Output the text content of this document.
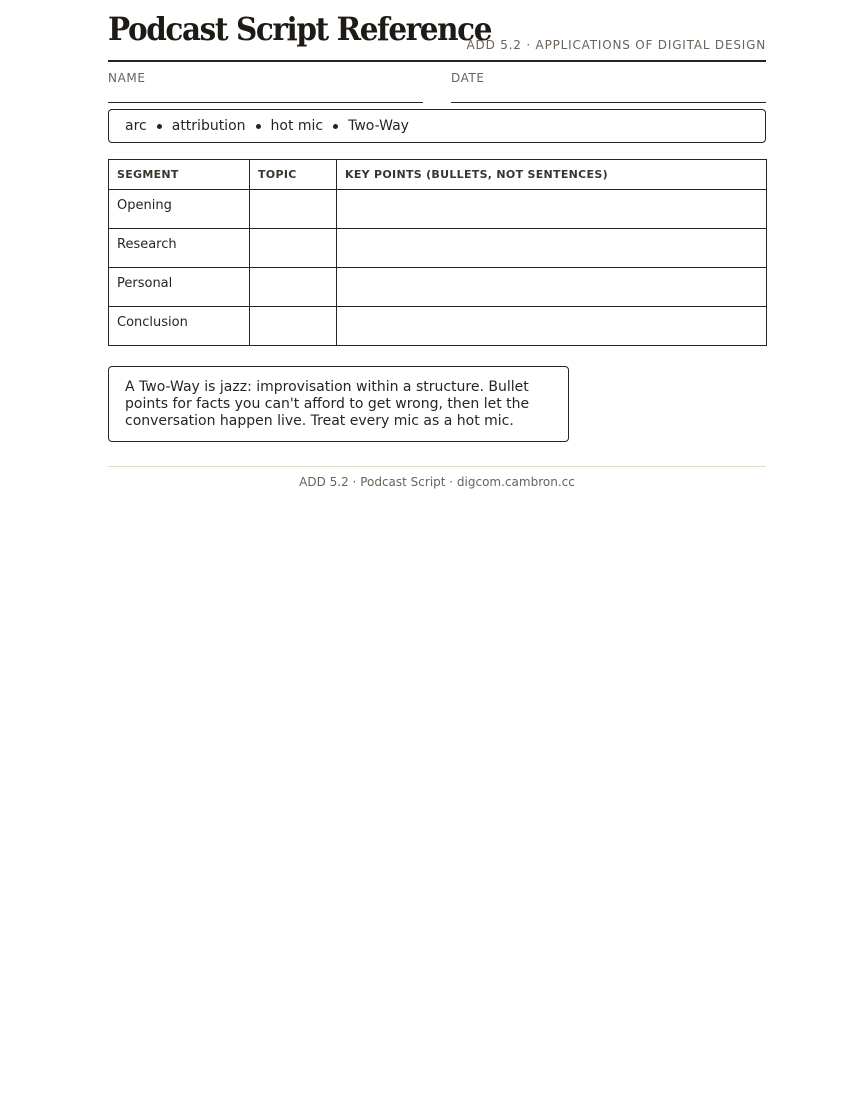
Podcast Script Reference
ADD 5.2 · APPLICATIONS OF DIGITAL DESIGN
NAME	DATE
arc attribution hot mic Two-Way
SEGMENT	TOPIC	KEY POINTS (BULLETS, NOT SENTENCES)
Opening		
Research		
Personal		
Conclusion		
A Two-Way is jazz: improvisation within a structure. Bullet points for facts you can't afford to get wrong, then let the conversation happen live. Treat every mic as a hot mic.
ADD 5.2 · Podcast Script · digcom.cambron.cc
